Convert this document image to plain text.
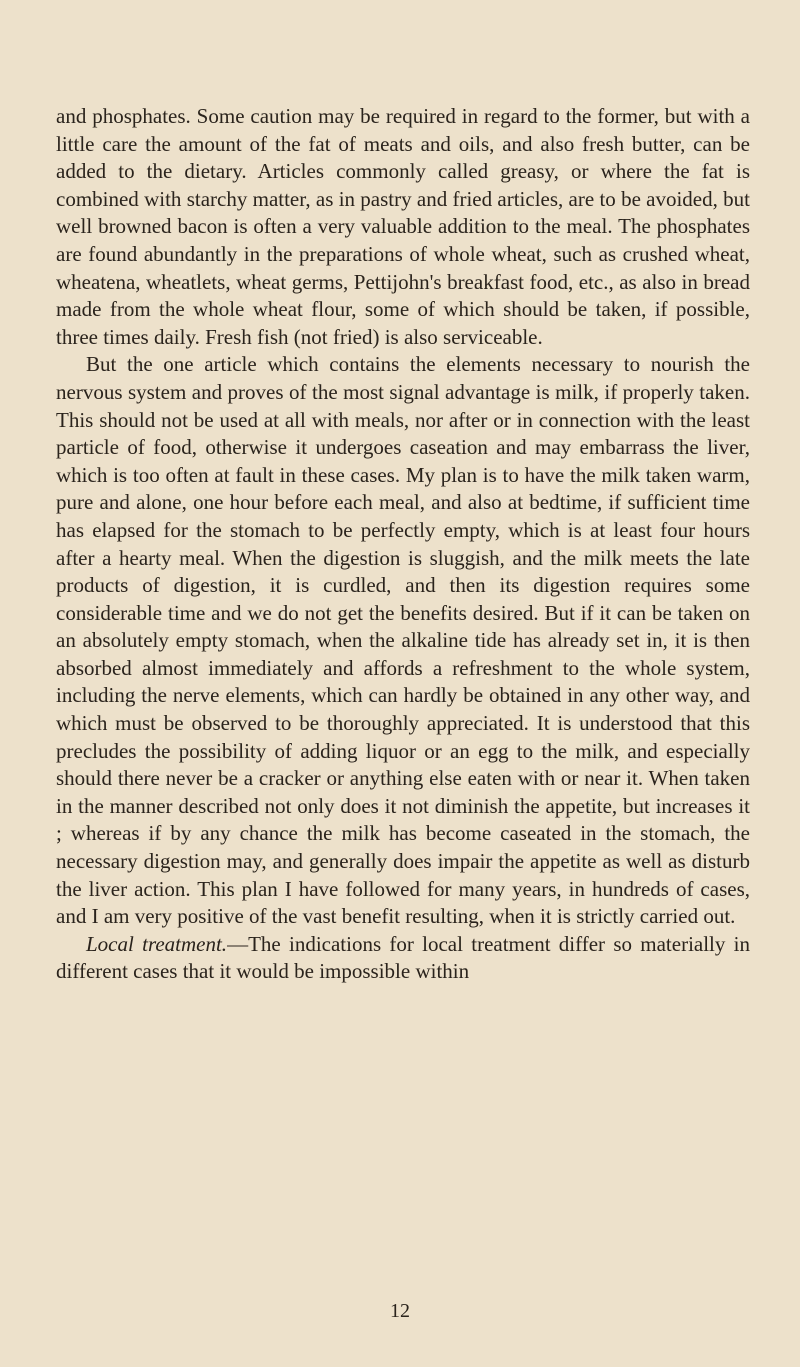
and phosphates. Some caution may be required in regard to the former, but with a little care the amount of the fat of meats and oils, and also fresh butter, can be added to the dietary. Articles commonly called greasy, or where the fat is combined with starchy matter, as in pastry and fried articles, are to be avoided, but well browned bacon is often a very valuable addition to the meal. The phosphates are found abundantly in the preparations of whole wheat, such as crushed wheat, wheatena, wheatlets, wheat germs, Pettijohn's breakfast food, etc., as also in bread made from the whole wheat flour, some of which should be taken, if possible, three times daily. Fresh fish (not fried) is also serviceable.

But the one article which contains the elements necessary to nourish the nervous system and proves of the most signal advantage is milk, if properly taken. This should not be used at all with meals, nor after or in connection with the least particle of food, otherwise it undergoes caseation and may embarrass the liver, which is too often at fault in these cases. My plan is to have the milk taken warm, pure and alone, one hour before each meal, and also at bedtime, if sufficient time has elapsed for the stomach to be perfectly empty, which is at least four hours after a hearty meal. When the digestion is sluggish, and the milk meets the late products of digestion, it is curdled, and then its digestion requires some considerable time and we do not get the benefits desired. But if it can be taken on an absolutely empty stomach, when the alkaline tide has already set in, it is then absorbed almost immediately and affords a refreshment to the whole system, including the nerve elements, which can hardly be obtained in any other way, and which must be observed to be thoroughly appreciated. It is understood that this precludes the possibility of adding liquor or an egg to the milk, and especially should there never be a cracker or anything else eaten with or near it. When taken in the manner described not only does it not diminish the appetite, but increases it ; whereas if by any chance the milk has become caseated in the stomach, the necessary digestion may, and generally does impair the appetite as well as disturb the liver action. This plan I have followed for many years, in hundreds of cases, and I am very positive of the vast benefit resulting, when it is strictly carried out.

Local treatment.—The indications for local treatment differ so materially in different cases that it would be impossible within

12
